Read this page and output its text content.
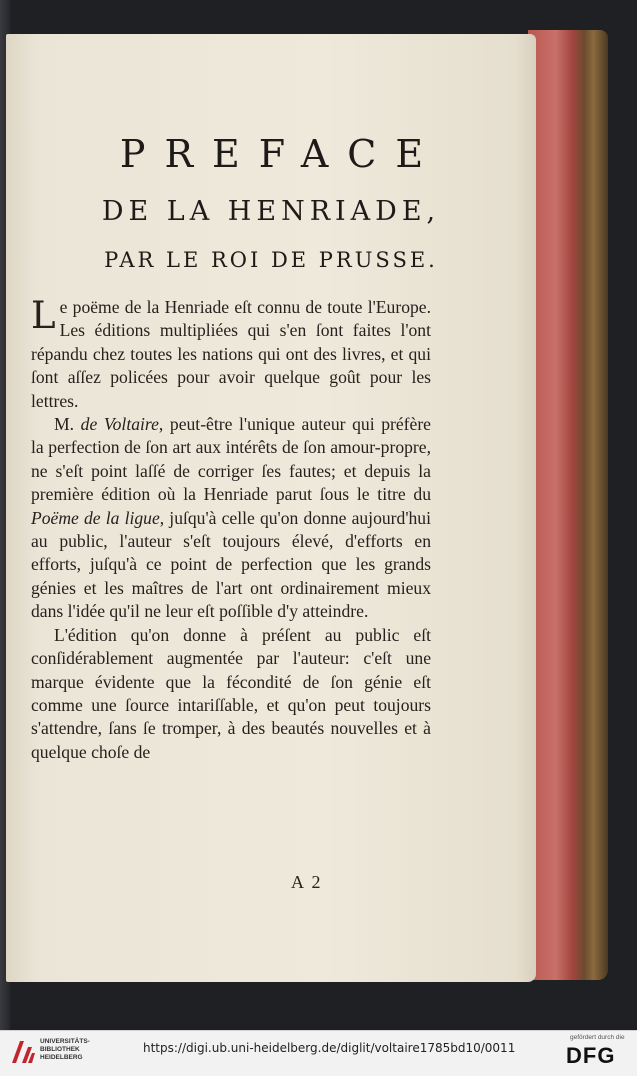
PREFACE
DE LA HENRIADE,
PAR LE ROI DE PRUSSE.

Le poëme de la Henriade eſt connu de toute l'Europe. Les éditions multipliées qui s'en ſont faites l'ont répandu chez toutes les nations qui ont des livres, et qui ſont aſſez policées pour avoir quelque goût pour les lettres.

M. de Voltaire, peut-être l'unique auteur qui préfère la perfection de ſon art aux intérêts de ſon amour-propre, ne s'eſt point laſſé de corriger ſes fautes; et depuis la première édition où la Henriade parut ſous le titre du Poëme de la ligue, juſqu'à celle qu'on donne aujourd'hui au public, l'auteur s'eſt toujours élevé, d'efforts en efforts, juſqu'à ce point de perfection que les grands génies et les maîtres de l'art ont ordinairement mieux dans l'idée qu'il ne leur eſt poſſible d'y atteindre.

L'édition qu'on donne à préſent au public eſt conſidérablement augmentée par l'auteur: c'eſt une marque évidente que la fécondité de ſon génie eſt comme une ſource intariſſable, et qu'on peut toujours s'attendre, ſans ſe tromper, à des beautés nouvelles et à quelque choſe de

A 2
UNIVERSITÄTS-
BIBLIOTHEK
HEIDELBERG
https://digi.ub.uni-heidelberg.de/diglit/voltaire1785bd10/0011
gefördert durch die
DFG
